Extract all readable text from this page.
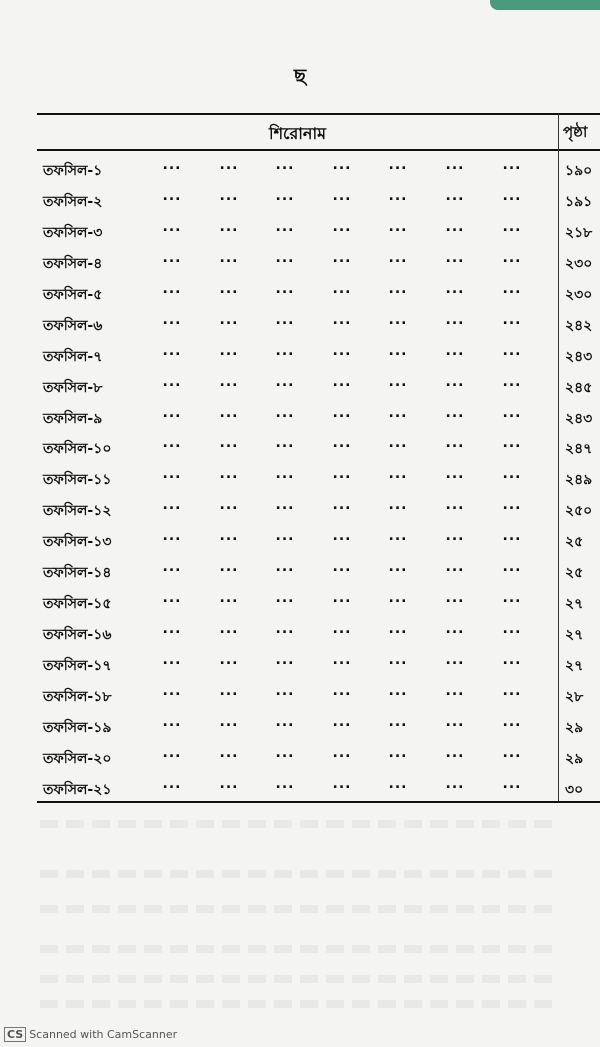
ছ
শিরোনাম	পৃষ্ঠা
তফসিল-১	...	...	...	...	...	...	...	১৯০
তফসিল-২	...	...	...	...	...	...	...	১৯১
তফসিল-৩	...	...	...	...	...	...	...	২১৮
তফসিল-৪	...	...	...	...	...	...	...	২৩০
তফসিল-৫	...	...	...	...	...	...	...	২৩০
তফসিল-৬	...	...	...	...	...	...	...	২৪২
তফসিল-৭	...	...	...	...	...	...	...	২৪৩
তফসিল-৮	...	...	...	...	...	...	...	২৪৫
তফসিল-৯	...	...	...	...	...	...	...	২৪৩
তফসিল-১০	...	...	...	...	...	...	...	২৪৭
তফসিল-১১	...	...	...	...	...	...	...	২৪৯
তফসিল-১২	...	...	...	...	...	...	...	২৫০
তফসিল-১৩	...	...	...	...	...	...	...	২৫
তফসিল-১৪	...	...	...	...	...	...	...	২৫
তফসিল-১৫	...	...	...	...	...	...	...	২৭
তফসিল-১৬	...	...	...	...	...	...	...	২৭
তফসিল-১৭	...	...	...	...	...	...	...	২৭
তফসিল-১৮	...	...	...	...	...	...	...	২৮
তফসিল-১৯	...	...	...	...	...	...	...	২৯
তফসিল-২০	...	...	...	...	...	...	...	২৯
তফসিল-২১	...	...	...	...	...	...	...	৩০
CS Scanned with CamScanner
